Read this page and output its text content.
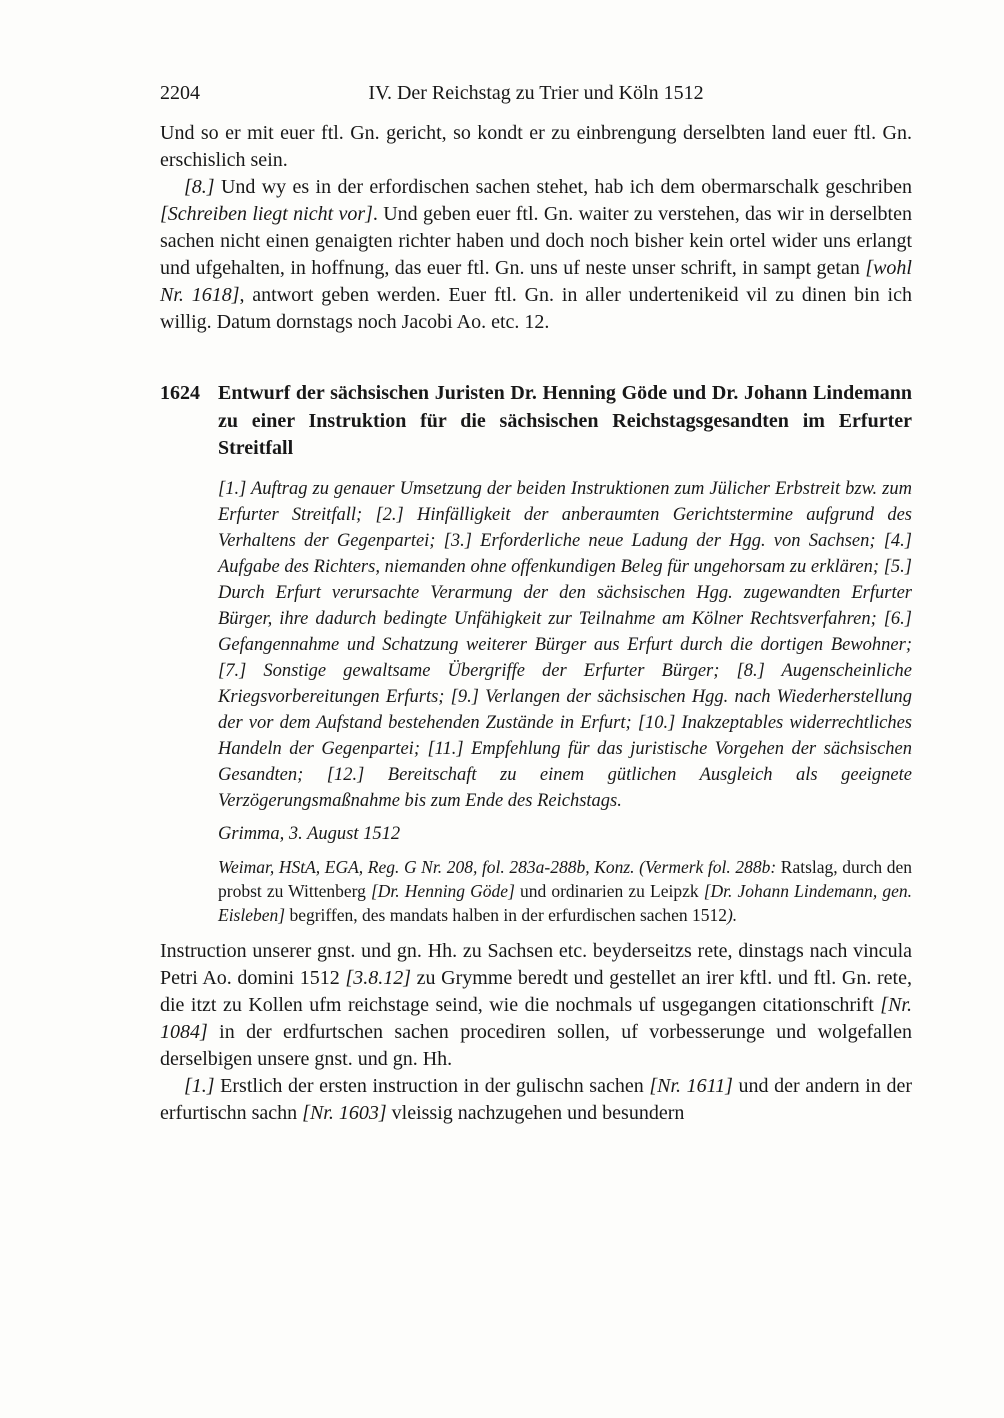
2204	IV. Der Reichstag zu Trier und Köln 1512

Und so er mit euer ftl. Gn. gericht, so kondt er zu einbrengung derselbten land euer ftl. Gn. erschislich sein.

[8.] Und wy es in der erfordischen sachen stehet, hab ich dem obermarschalk geschriben [Schreiben liegt nicht vor]. Und geben euer ftl. Gn. waiter zu verstehen, das wir in derselbten sachen nicht einen genaigten richter haben und doch noch bisher kein ortel wider uns erlangt und ufgehalten, in hoffnung, das euer ftl. Gn. uns uf neste unser schrift, in sampt getan [wohl Nr. 1618], antwort geben werden. Euer ftl. Gn. in aller undertenikeid vil zu dinen bin ich willig. Datum dornstags noch Jacobi Ao. etc. 12.

1624 Entwurf der sächsischen Juristen Dr. Henning Göde und Dr. Johann Lindemann zu einer Instruktion für die sächsischen Reichstagsgesandten im Erfurter Streitfall

[1.] Auftrag zu genauer Umsetzung der beiden Instruktionen zum Jülicher Erbstreit bzw. zum Erfurter Streitfall; [2.] Hinfälligkeit der anberaumten Gerichtstermine aufgrund des Verhaltens der Gegenpartei; [3.] Erforderliche neue Ladung der Hgg. von Sachsen; [4.] Aufgabe des Richters, niemanden ohne offenkundigen Beleg für ungehorsam zu erklären; [5.] Durch Erfurt verursachte Verarmung der den sächsischen Hgg. zugewandten Erfurter Bürger, ihre dadurch bedingte Unfähigkeit zur Teilnahme am Kölner Rechtsverfahren; [6.] Gefangennahme und Schatzung weiterer Bürger aus Erfurt durch die dortigen Bewohner; [7.] Sonstige gewaltsame Übergriffe der Erfurter Bürger; [8.] Augenscheinliche Kriegsvorbereitungen Erfurts; [9.] Verlangen der sächsischen Hgg. nach Wiederherstellung der vor dem Aufstand bestehenden Zustände in Erfurt; [10.] Inakzeptables widerrechtliches Handeln der Gegenpartei; [11.] Empfehlung für das juristische Vorgehen der sächsischen Gesandten; [12.] Bereitschaft zu einem gütlichen Ausgleich als geeignete Verzögerungsmaßnahme bis zum Ende des Reichstags.

Grimma, 3. August 1512

Weimar, HStA, EGA, Reg. G Nr. 208, fol. 283a-288b, Konz. (Vermerk fol. 288b: Ratslag, durch den probst zu Wittenberg [Dr. Henning Göde] und ordinarien zu Leipzk [Dr. Johann Lindemann, gen. Eisleben] begriffen, des mandats halben in der erfurdischen sachen 1512).

Instruction unserer gnst. und gn. Hh. zu Sachsen etc. beyderseitzs rete, dinstags nach vincula Petri Ao. domini 1512 [3.8.12] zu Grymme beredt und gestellet an irer kftl. und ftl. Gn. rete, die itzt zu Kollen ufm reichstage seind, wie die nochmals uf usgegangen citationschrift [Nr. 1084] in der erdfurtschen sachen procediren sollen, uf vorbesserunge und wolgefallen derselbigen unsere gnst. und gn. Hh.

[1.] Erstlich der ersten instruction in der gulischn sachen [Nr. 1611] und der andern in der erfurtischn sachn [Nr. 1603] vleissig nachzugehen und besundern
